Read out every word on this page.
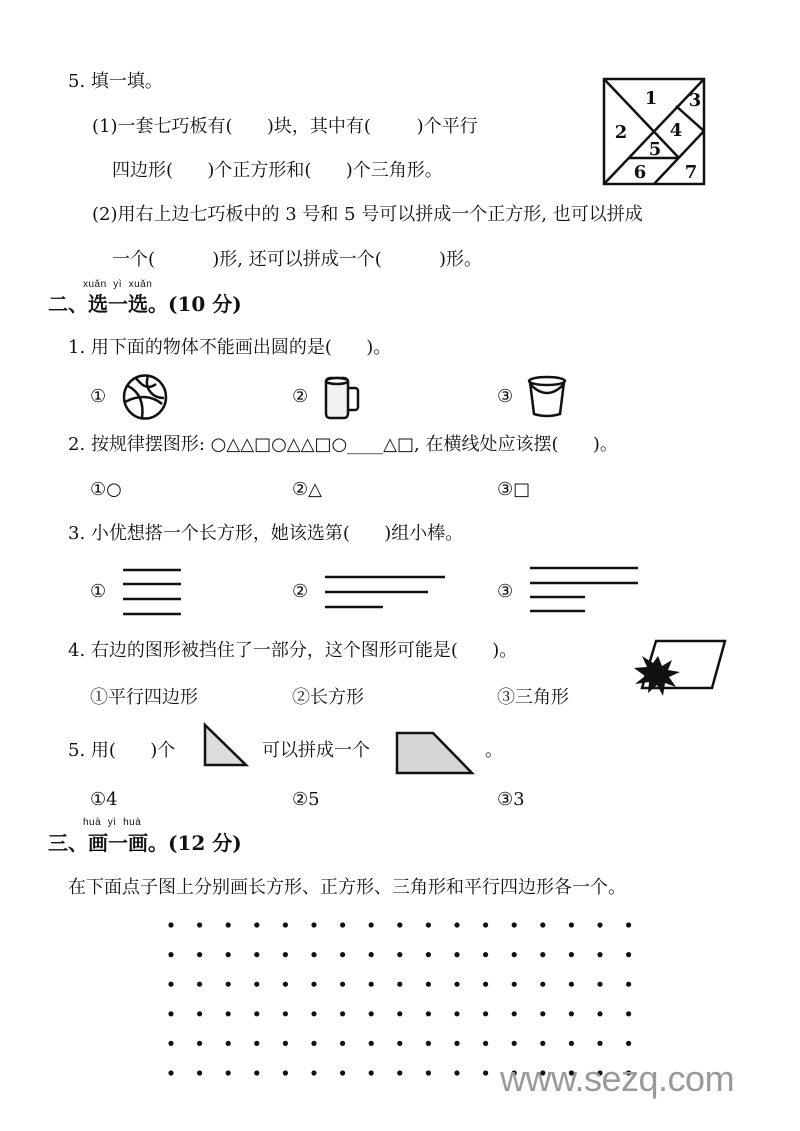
5. 填一填。
(1)一套七巧板有(      )块，其中有(        )个平行
四边形(      )个正方形和(      )个三角形。
(2)用右上边七巧板中的 3 号和 5 号可以拼成一个正方形, 也可以拼成
一个(          )形, 还可以拼成一个(          )形。
1
2
3
4
5
6 7
xuǎn  yì  xuǎn
二、选一选。(10 分)
1. 用下面的物体不能画出圆的是(      )。
①	②	③
2. 按规律摆图形: ○△△□○△△□○____△□, 在横线处应该摆(      )。
①○	②△	③□
3. 小优想搭一个长方形，她该选第(      )组小棒。
①	②	③
4. 右边的图形被挡住了一部分，这个图形可能是(      )。
①平行四边形	②长方形	③三角形
5. 用(      )个	可以拼成一个	。
①4	②5	③3
huà  yì  huà
三、画一画。(12 分)
在下面点子图上分别画长方形、正方形、三角形和平行四边形各一个。
www.sezq.com
